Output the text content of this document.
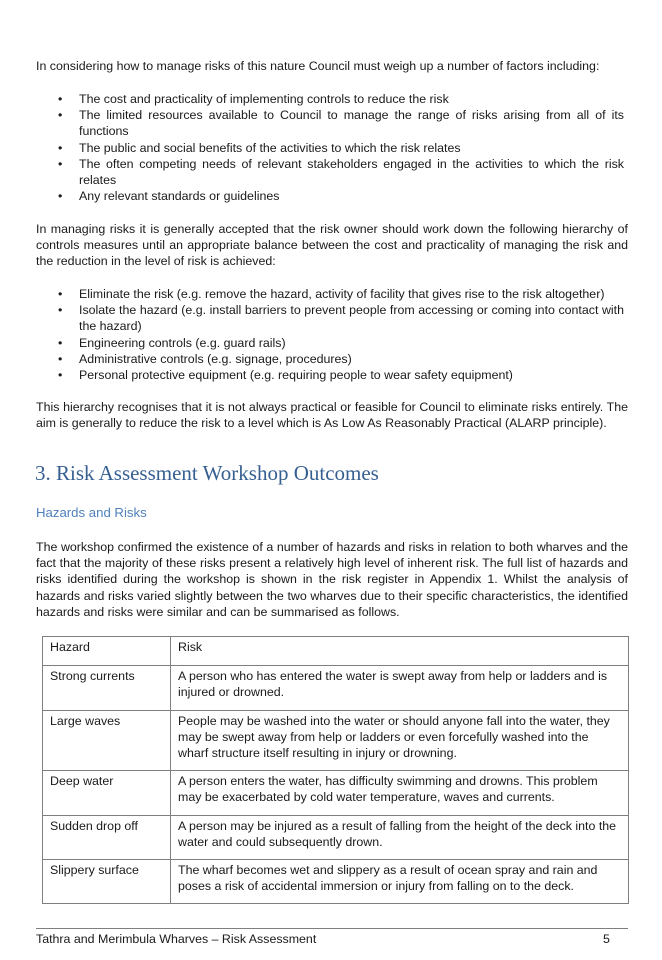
In considering how to manage risks of this nature Council must weigh up a number of factors including:

• The cost and practicality of implementing controls to reduce the risk
• The limited resources available to Council to manage the range of risks arising from all of its functions
• The public and social benefits of the activities to which the risk relates
• The often competing needs of relevant stakeholders engaged in the activities to which the risk relates
• Any relevant standards or guidelines

In managing risks it is generally accepted that the risk owner should work down the following hierarchy of controls measures until an appropriate balance between the cost and practicality of managing the risk and the reduction in the level of risk is achieved:

• Eliminate the risk (e.g. remove the hazard, activity of facility that gives rise to the risk altogether)
• Isolate the hazard (e.g. install barriers to prevent people from accessing or coming into contact with the hazard)
• Engineering controls (e.g. guard rails)
• Administrative controls (e.g. signage, procedures)
• Personal protective equipment (e.g. requiring people to wear safety equipment)

This hierarchy recognises that it is not always practical or feasible for Council to eliminate risks entirely. The aim is generally to reduce the risk to a level which is As Low As Reasonably Practical (ALARP principle).

3. Risk Assessment Workshop Outcomes
Hazards and Risks

The workshop confirmed the existence of a number of hazards and risks in relation to both wharves and the fact that the majority of these risks present a relatively high level of inherent risk. The full list of hazards and risks identified during the workshop is shown in the risk register in Appendix 1. Whilst the analysis of hazards and risks varied slightly between the two wharves due to their specific characteristics, the identified hazards and risks were similar and can be summarised as follows.

Hazard	Risk
Strong currents	A person who has entered the water is swept away from help or ladders and is injured or drowned.
Large waves	People may be washed into the water or should anyone fall into the water, they may be swept away from help or ladders or even forcefully washed into the wharf structure itself resulting in injury or drowning.
Deep water	A person enters the water, has difficulty swimming and drowns. This problem may be exacerbated by cold water temperature, waves and currents.
Sudden drop off	A person may be injured as a result of falling from the height of the deck into the water and could subsequently drown.
Slippery surface	The wharf becomes wet and slippery as a result of ocean spray and rain and poses a risk of accidental immersion or injury from falling on to the deck.
Tathra and Merimbula Wharves – Risk Assessment	5
